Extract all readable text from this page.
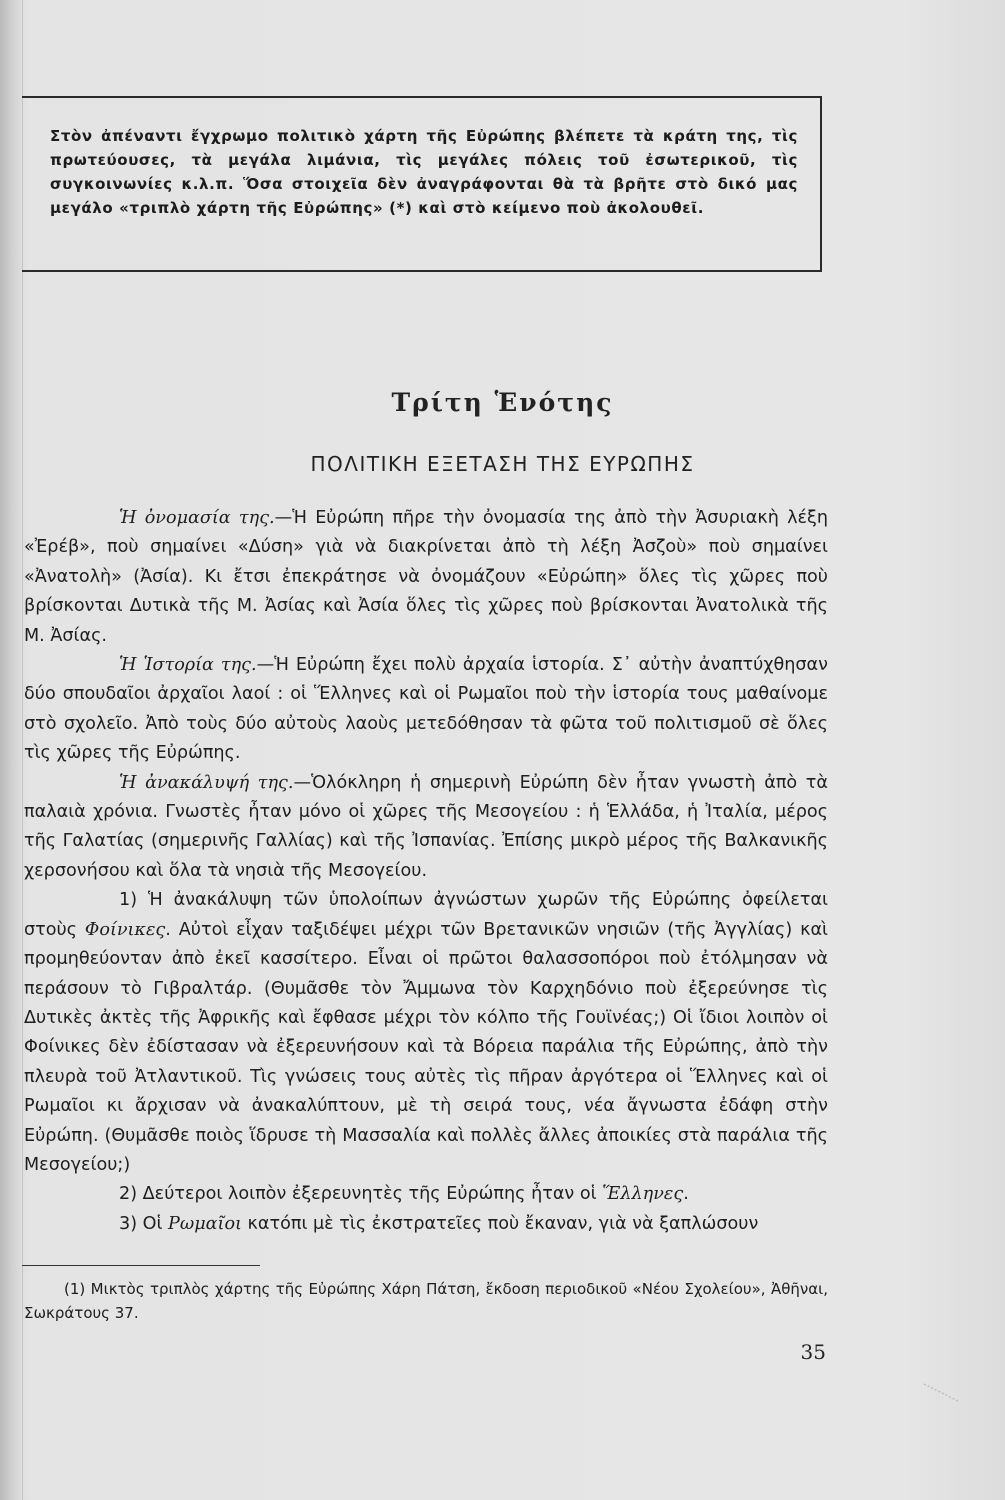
Στὸν ἀπέναντι ἔγχρωμο πολιτικὸ χάρτη τῆς Εὐρώπης βλέπετε τὰ κράτη της, τὶς πρωτεύουσες, τὰ μεγάλα λιμάνια, τὶς μεγάλες πόλεις τοῦ ἐσωτερικοῦ, τὶς συγκοινωνίες κ.λ.π. Ὅσα στοιχεῖα δὲν ἀναγράφονται θὰ τὰ βρῆτε στὸ δικό μας μεγάλο «τριπλὸ χάρτη τῆς Εὐρώπης» (*) καὶ στὸ κείμενο ποὺ ἀκολουθεῖ.

Τρίτη Ἑνότης
ΠΟΛΙΤΙΚΗ ΕΞΕΤΑΣΗ ΤΗΣ ΕΥΡΩΠΗΣ

Ἡ ὀνομασία της.—Ἡ Εὐρώπη πῆρε τὴν ὀνομασία της ἀπὸ τὴν Ἀσυριακὴ λέξη «Ἐρέβ», ποὺ σημαίνει «Δύση» γιὰ νὰ διακρίνεται ἀπὸ τὴ λέξη Ἀσζοὺ» ποὺ σημαίνει «Ἀνατολὴ» (Ἀσία). Κι ἔτσι ἐπεκράτησε νὰ ὀνομάζουν «Εὐρώπη» ὅλες τὶς χῶρες ποὺ βρίσκονται Δυτικὰ τῆς Μ. Ἀσίας καὶ Ἀσία ὅλες τὶς χῶρες ποὺ βρίσκονται Ἀνατολικὰ τῆς Μ. Ἀσίας.

Ἡ Ἱστορία της.—Ἡ Εὐρώπη ἔχει πολὺ ἀρχαία ἱστορία. Σ᾽ αὐτὴν ἀναπτύχθησαν δύο σπουδαῖοι ἀρχαῖοι λαοί : οἱ Ἕλληνες καὶ οἱ Ρωμαῖοι ποὺ τὴν ἱστορία τους μαθαίνομε στὸ σχολεῖο. Ἀπὸ τοὺς δύο αὐτοὺς λαοὺς μετεδόθησαν τὰ φῶτα τοῦ πολιτισμοῦ σὲ ὅλες τὶς χῶρες τῆς Εὐρώπης.

Ἡ ἀνακάλυψή της.—Ὁλόκληρη ἡ σημερινὴ Εὐρώπη δὲν ἦταν γνωστὴ ἀπὸ τὰ παλαιὰ χρόνια. Γνωστὲς ἦταν μόνο οἱ χῶρες τῆς Μεσογείου : ἡ Ἑλλάδα, ἡ Ἰταλία, μέρος τῆς Γαλατίας (σημερινῆς Γαλλίας) καὶ τῆς Ἰσπανίας. Ἐπίσης μικρὸ μέρος τῆς Βαλκανικῆς χερσονήσου καὶ ὅλα τὰ νησιὰ τῆς Μεσογείου.

1) Ἡ ἀνακάλυψη τῶν ὑπολοίπων ἀγνώστων χωρῶν τῆς Εὐρώπης ὀφείλεται στοὺς Φοίνικες. Αὐτοὶ εἶχαν ταξιδέψει μέχρι τῶν Βρετανικῶν νησιῶν (τῆς Ἀγγλίας) καὶ προμηθεύονταν ἀπὸ ἐκεῖ κασσίτερο. Εἶναι οἱ πρῶτοι θαλασσοπόροι ποὺ ἐτόλμησαν νὰ περάσουν τὸ Γιβραλτάρ. (Θυμᾶσθε τὸν Ἄμμωνα τὸν Καρχηδόνιο ποὺ ἐξερεύνησε τὶς Δυτικὲς ἀκτὲς τῆς Ἀφρικῆς καὶ ἔφθασε μέχρι τὸν κόλπο τῆς Γουϊνέας;) Οἱ ἴδιοι λοιπὸν οἱ Φοίνικες δὲν ἐδίστασαν νὰ ἐξερευνήσουν καὶ τὰ Βόρεια παράλια τῆς Εὐρώπης, ἀπὸ τὴν πλευρὰ τοῦ Ἀτλαντικοῦ. Τὶς γνώσεις τους αὐτὲς τὶς πῆραν ἀργότερα οἱ Ἕλληνες καὶ οἱ Ρωμαῖοι κι ἄρχισαν νὰ ἀνακαλύπτουν, μὲ τὴ σειρά τους, νέα ἄγνωστα ἐδάφη στὴν Εὐρώπη. (Θυμᾶσθε ποιὸς ἵδρυσε τὴ Μασσαλία καὶ πολλὲς ἄλλες ἀποικίες στὰ παράλια τῆς Μεσογείου;)

2) Δεύτεροι λοιπὸν ἐξερευνητὲς τῆς Εὐρώπης ἦταν οἱ Ἕλληνες.

3) Οἱ Ρωμαῖοι κατόπι μὲ τὶς ἐκστρατεῖες ποὺ ἔκαναν, γιὰ νὰ ξαπλώσουν

(1) Μικτὸς τριπλὸς χάρτης τῆς Εὐρώπης Χάρη Πάτση, ἔκδοση περιοδικοῦ «Νέου Σχολείου», Ἀθῆναι, Σωκράτους 37.

35
